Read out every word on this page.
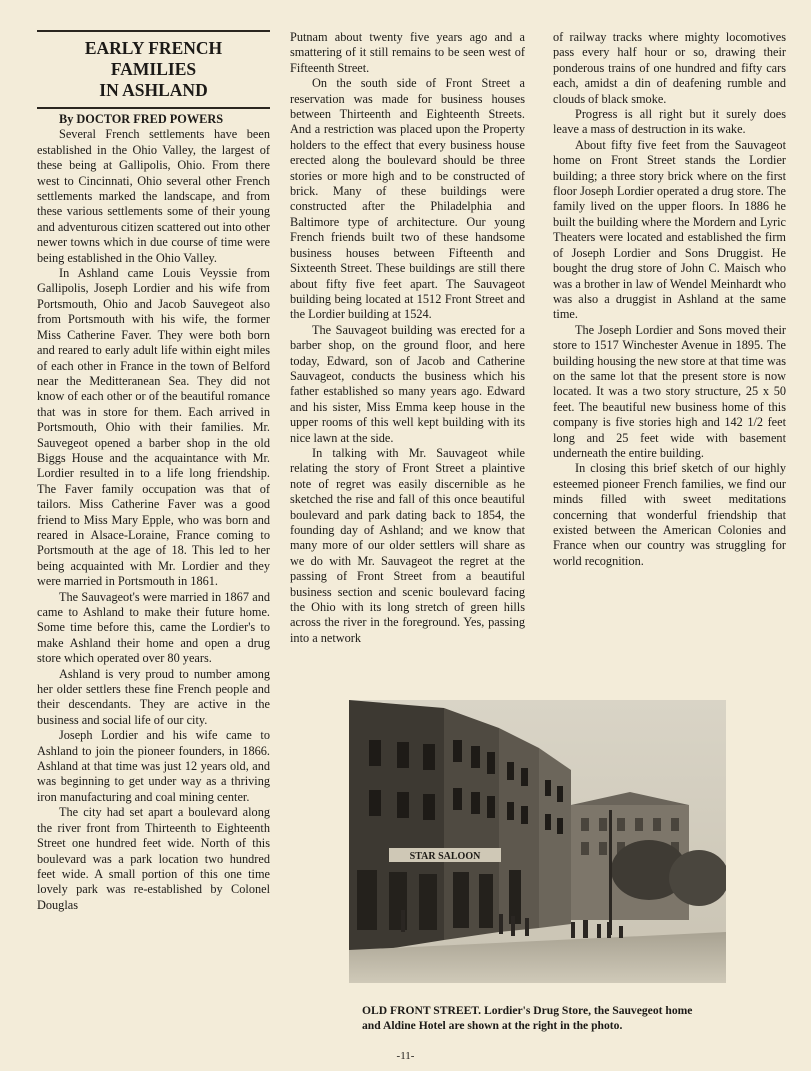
EARLY FRENCH
FAMILIES
IN ASHLAND

By DOCTOR FRED POWERS

Several French settlements have been established in the Ohio Valley, the largest of these being at Gallipolis, Ohio. From there west to Cincinnati, Ohio several other French settlements marked the landscape, and from these various settlements some of their young and adventurous citizen scattered out into other newer towns which in due course of time were being established in the Ohio Valley.

In Ashland came Louis Veyssie from Gallipolis, Joseph Lordier and his wife from Portsmouth, Ohio and Jacob Sauvegeot also from Portsmouth with his wife, the former Miss Catherine Faver. They were both born and reared to early adult life within eight miles of each other in France in the town of Belford near the Meditteranean Sea. They did not know of each other or of the beautiful romance that was in store for them. Each arrived in Portsmouth, Ohio with their families. Mr. Sauvegeot opened a barber shop in the old Biggs House and the acquaintance with Mr. Lordier resulted in to a life long friendship. The Faver family occupation was that of tailors. Miss Catherine Faver was a good friend to Miss Mary Epple, who was born and reared in Alsace-Loraine, France coming to Portsmouth at the age of 18. This led to her being acquainted with Mr. Lordier and they were married in Portsmouth in 1861.

The Sauvageot's were married in 1867 and came to Ashland to make their future home. Some time before this, came the Lordier's to make Ashland their home and open a drug store which operated over 80 years.

Ashland is very proud to number among her older settlers these fine French people and their descendants. They are active in the business and social life of our city.

Joseph Lordier and his wife came to Ashland to join the pioneer founders, in 1866. Ashland at that time was just 12 years old, and was beginning to get under way as a thriving iron manufacturing and coal mining center.

The city had set apart a boulevard along the river front from Thirteenth to Eighteenth Street one hundred feet wide. North of this boulevard was a park location two hundred feet wide. A small portion of this one time lovely park was re-established by Colonel Douglas

Putnam about twenty five years ago and a smattering of it still remains to be seen west of Fifteenth Street.

On the south side of Front Street a reservation was made for business houses between Thirteenth and Eighteenth Streets. And a restriction was placed upon the Property holders to the effect that every business house erected along the boulevard should be three stories or more high and to be constructed of brick. Many of these buildings were constructed after the Philadelphia and Baltimore type of architecture. Our young French friends built two of these handsome business houses between Fifteenth and Sixteenth Street. These buildings are still there about fifty five feet apart. The Sauvageot building being located at 1512 Front Street and the Lordier building at 1524.

The Sauvageot building was erected for a barber shop, on the ground floor, and here today, Edward, son of Jacob and Catherine Sauvageot, conducts the business which his father established so many years ago. Edward and his sister, Miss Emma keep house in the upper rooms of this well kept building with its nice lawn at the side.

In talking with Mr. Sauvageot while relating the story of Front Street a plaintive note of regret was easily discernible as he sketched the rise and fall of this once beautiful boulevard and park dating back to 1854, the founding day of Ashland; and we know that many more of our older settlers will share as we do with Mr. Sauvageot the regret at the passing of Front Street from a beautiful business section and scenic boulevard facing the Ohio with its long stretch of green hills across the river in the foreground. Yes, passing into a network

of railway tracks where mighty locomotives pass every half hour or so, drawing their ponderous trains of one hundred and fifty cars each, amidst a din of deafening rumble and clouds of black smoke.

Progress is all right but it surely does leave a mass of destruction in its wake.

About fifty five feet from the Sauvageot home on Front Street stands the Lordier building; a three story brick where on the first floor Joseph Lordier operated a drug store. The family lived on the upper floors. In 1886 he built the building where the Mordern and Lyric Theaters were located and established the firm of Joseph Lordier and Sons Druggist. He bought the drug store of John C. Maisch who was a brother in law of Wendel Meinhardt who was also a druggist in Ashland at the same time.

The Joseph Lordier and Sons moved their store to 1517 Winchester Avenue in 1895. The building housing the new store at that time was on the same lot that the present store is now located. It was a two story structure, 25 x 50 feet. The beautiful new business home of this company is five stories high and 142 1/2 feet long and 25 feet wide with basement underneath the entire building.

In closing this brief sketch of our highly esteemed pioneer French families, we find our minds filled with sweet meditations concerning that wonderful friendship that existed between the American Colonies and France when our country was struggling for world recognition.

STAR SALOON
OLD FRONT STREET. Lordier's Drug Store, the Sauvegeot home and Aldine Hotel are shown at the right in the photo.
-11-
